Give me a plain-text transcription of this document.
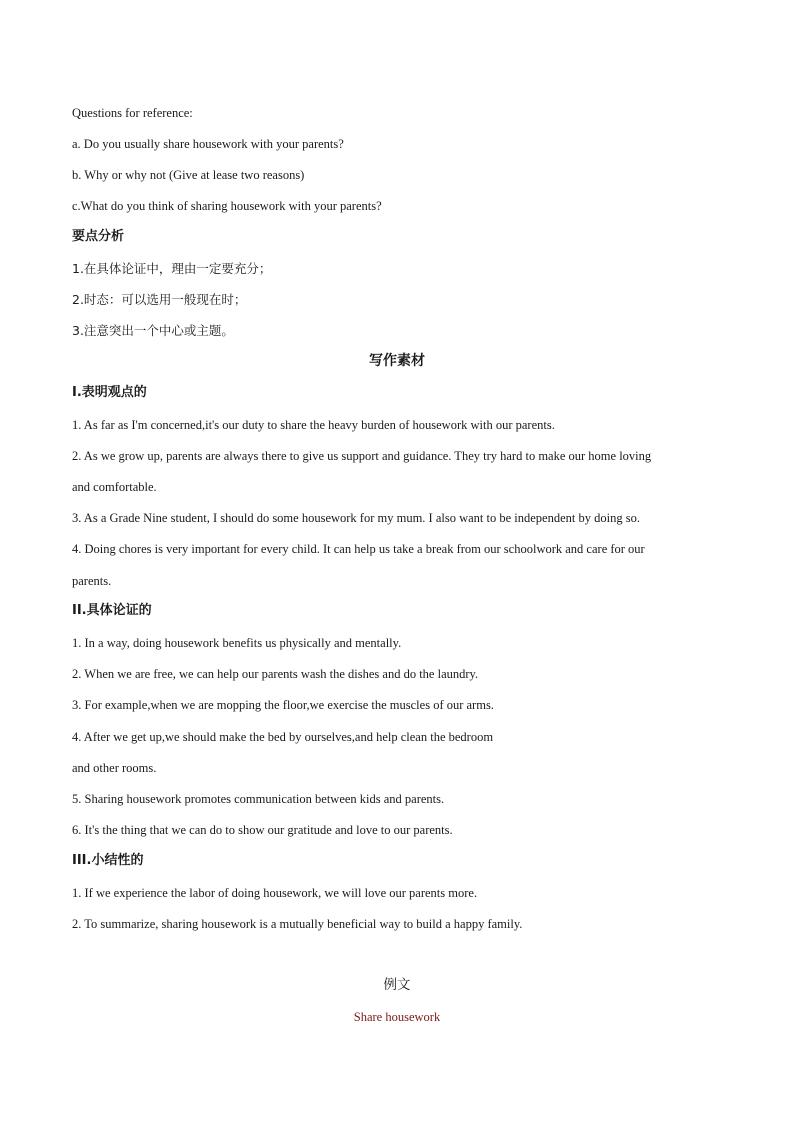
Questions for reference:
a. Do you usually share housework with your parents?
b. Why or why not (Give at lease two reasons)
c.What do you think of sharing housework with your parents?
要点分析
1.在具体论证中，理由一定要充分；
2.时态：可以选用一般现在时；
3.注意突出一个中心或主题。
写作素材
I.表明观点的
1. As far as I'm concerned,it's our duty to share the heavy burden of housework with our parents.
2. As we grow up, parents are always there to give us support and guidance. They try hard to make our home loving
and comfortable.
3. As a Grade Nine student, I should do some housework for my mum. I also want to be independent by doing so.
4. Doing chores is very important for every child. It can help us take a break from our schoolwork and care for our
parents.
II.具体论证的
1. In a way, doing housework benefits us physically and mentally.
2. When we are free, we can help our parents wash the dishes and do the laundry.
3. For example,when we are mopping the floor,we exercise the muscles of our arms.
4. After we get up,we should make the bed by ourselves,and help clean the bedroom
and other rooms.
5. Sharing housework promotes communication between kids and parents.
6. It's the thing that we can do to show our gratitude and love to our parents.
III.小结性的
1. If we experience the labor of doing housework, we will love our parents more.
2. To summarize, sharing housework is a mutually beneficial way to build a happy family.
例文
Share housework
